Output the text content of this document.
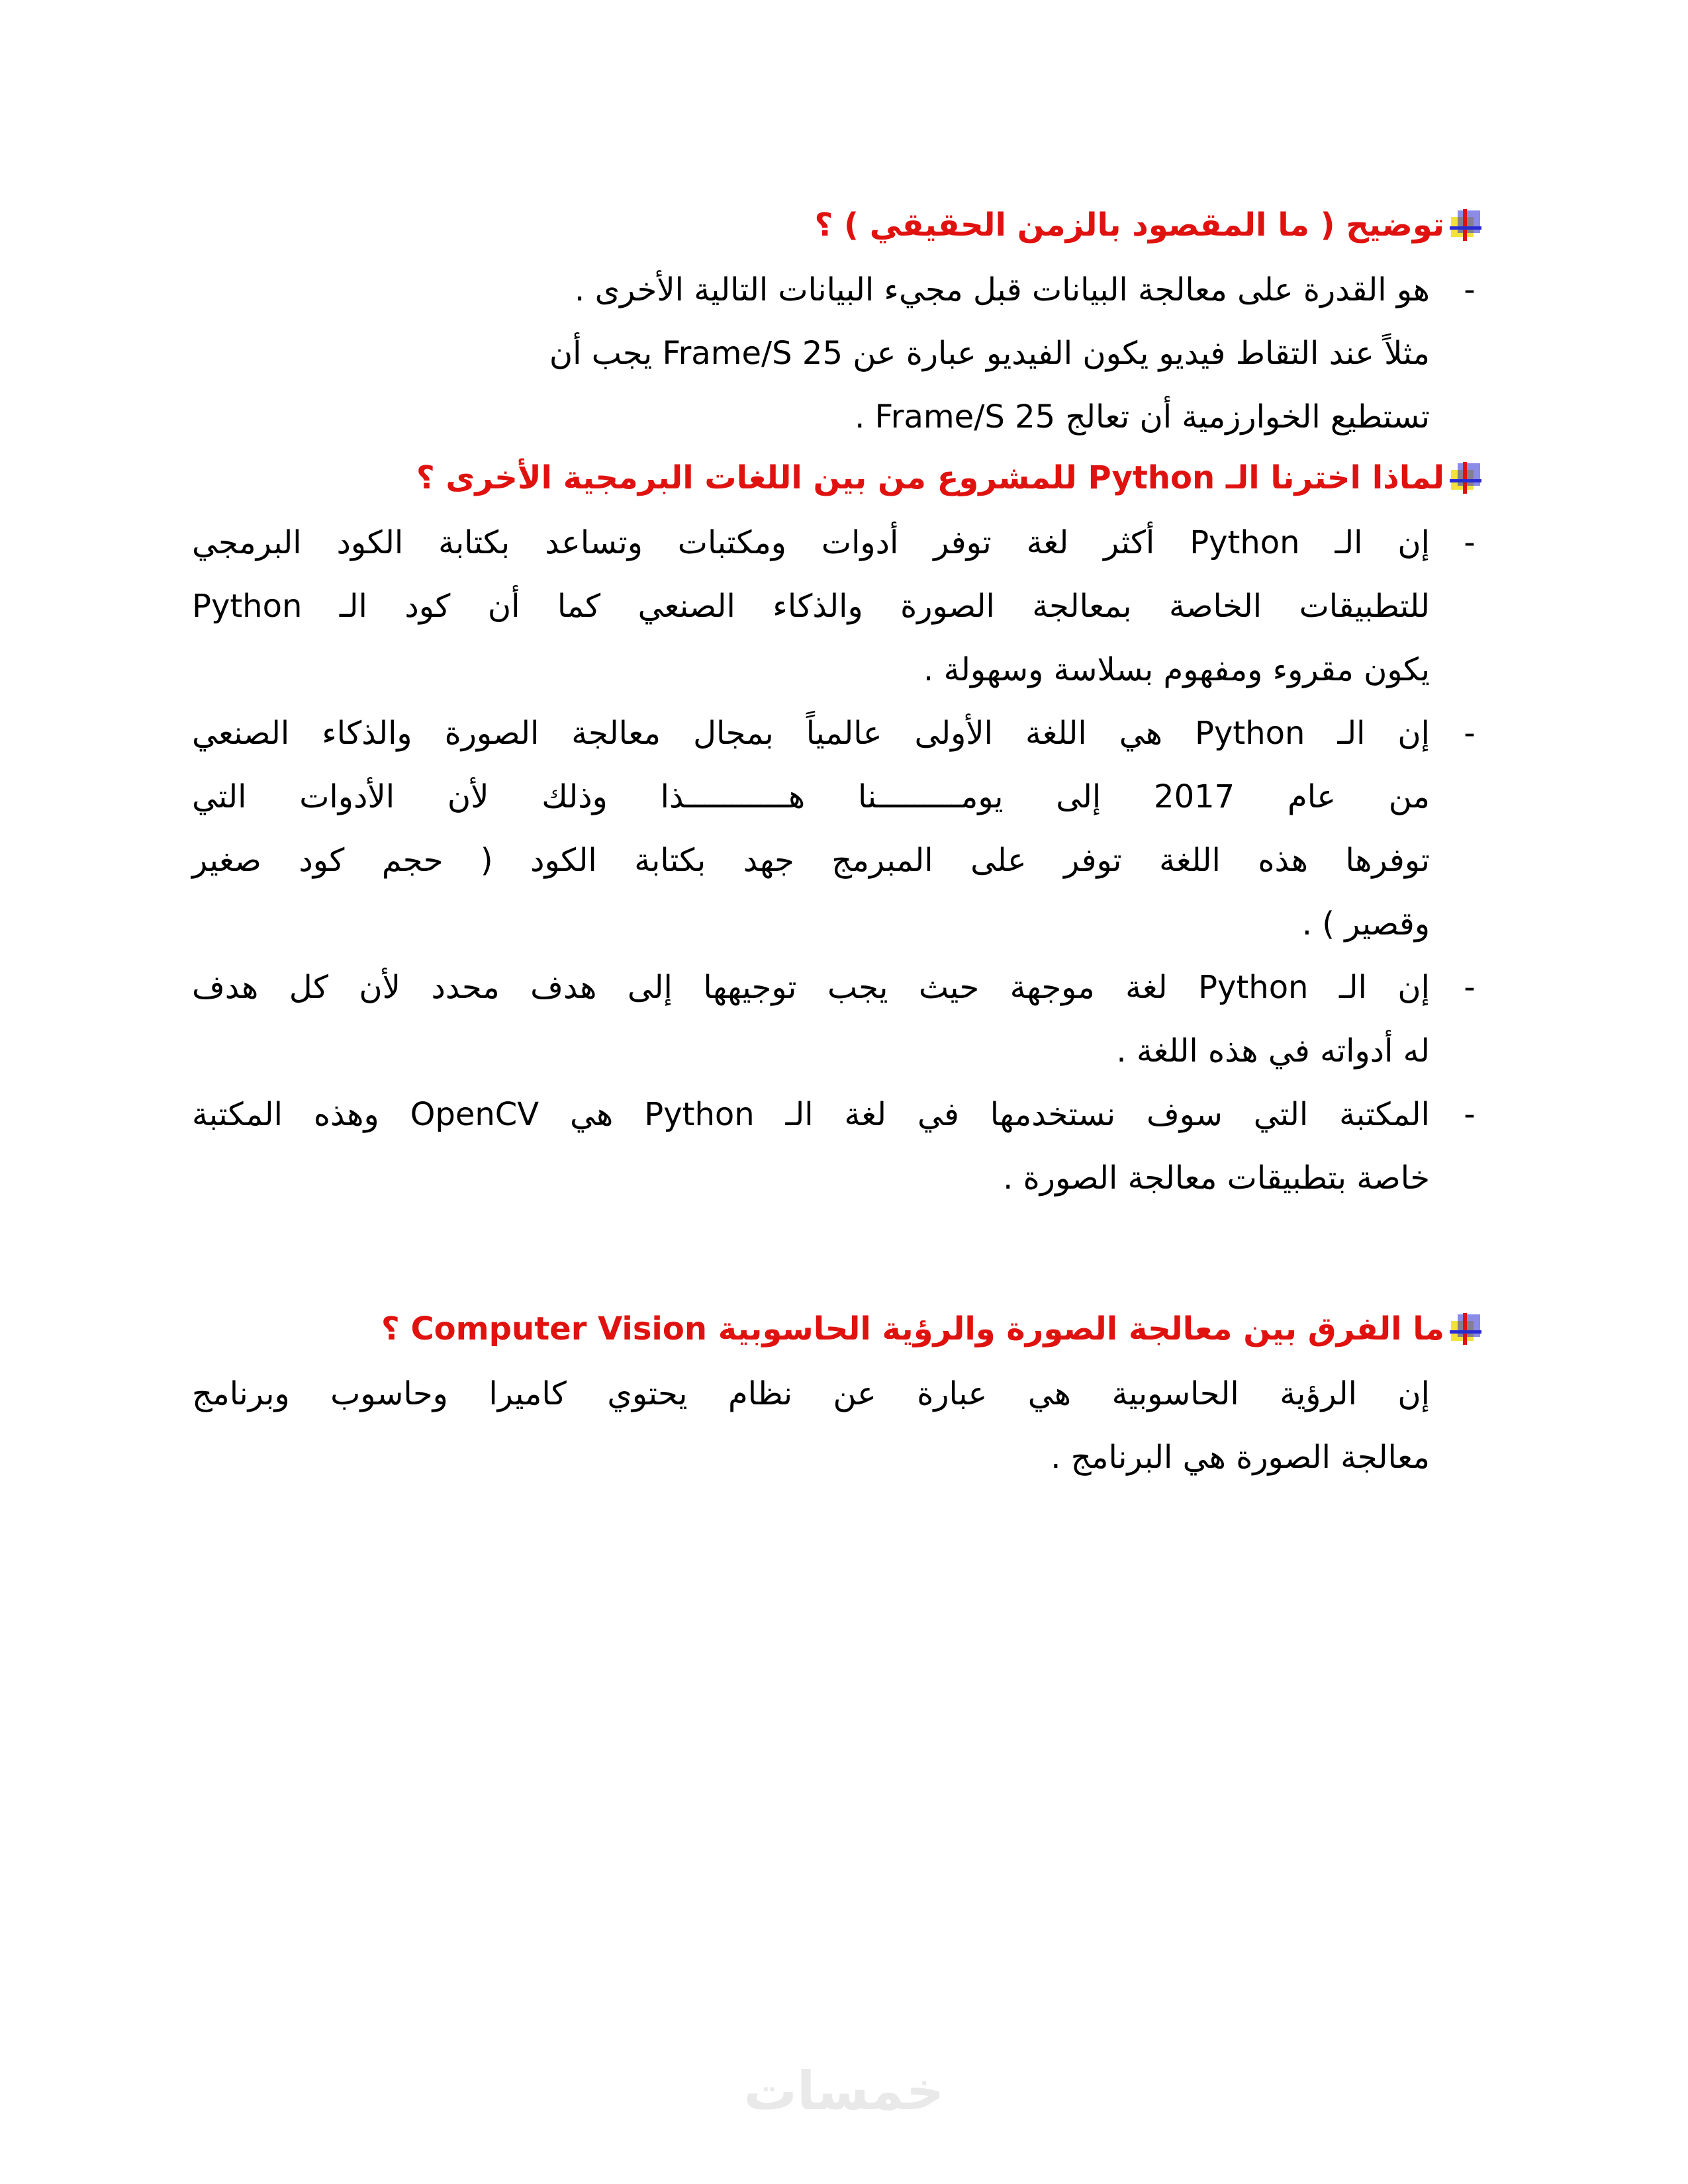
توضيح ( ما المقصود بالزمن الحقيقي ) ؟
-
هو القدرة على معالجة البيانات قبل مجيء البيانات التالية الأخرى .
مثلاً عند التقاط فيديو يكون الفيديو عبارة عن 25 Frame/S يجب أن
تستطيع الخوارزمية أن تعالج 25 Frame/S .
لماذا اخترنا الـ Python للمشروع من بين اللغات البرمجية الأخرى ؟
-
إن الـ Python أكثر لغة توفر أدوات ومكتبات وتساعد بكتابة الكود البرمجي
للتطبيقات الخاصة بمعالجة الصورة والذكاء الصنعي كما أن كود الـ Python
يكون مقروء ومفهوم بسلاسة وسهولة .
-
إن الـ Python هي اللغة الأولى عالمياً بمجال معالجة الصورة والذكاء الصنعي
من عام 2017 إلى يومـــــــــنا هـــــــــــذا وذلك لأن الأدوات التي
توفرها هذه اللغة توفر على المبرمج جهد بكتابة الكود ( حجم كود صغير
وقصير ) .
-
إن الـ Python لغة موجهة حيث يجب توجيهها إلى هدف محدد لأن كل هدف
له أدواته في هذه اللغة .
-
المكتبة التي سوف نستخدمها في لغة الـ Python هي OpenCV وهذه المكتبة
خاصة بتطبيقات معالجة الصورة .
ما الفرق بين معالجة الصورة والرؤية الحاسوبية Computer Vision ؟
إن الرؤية الحاسوبية هي عبارة عن نظام يحتوي كاميرا وحاسوب وبرنامج
معالجة الصورة هي البرنامج .
خمسات
